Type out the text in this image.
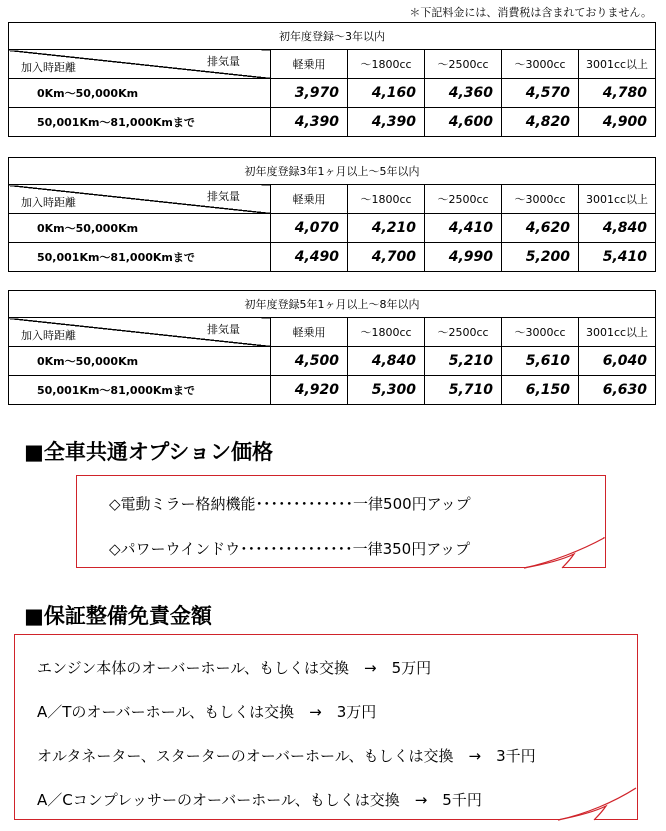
＊下記料金には、消費税は含まれておりません。
初年度登録～3年以内					

排気量
加入時距離	軽乗用	～1800cc	～2500cc	～3000cc	3001cc以上
0Km～50,000Km	3,970	4,160	4,360	4,570	4,780
50,001Km～81,000Kmまで	4,390	4,390	4,600	4,820	4,900
初年度登録3年1ヶ月以上～5年以内					

排気量
加入時距離	軽乗用	～1800cc	～2500cc	～3000cc	3001cc以上
0Km～50,000Km	4,070	4,210	4,410	4,620	4,840
50,001Km～81,000Kmまで	4,490	4,700	4,990	5,200	5,410
初年度登録5年1ヶ月以上～8年以内					

排気量
加入時距離	軽乗用	～1800cc	～2500cc	～3000cc	3001cc以上
0Km～50,000Km	4,500	4,840	5,210	5,610	6,040
50,001Km～81,000Kmまで	4,920	5,300	5,710	6,150	6,630
■全車共通オプション価格
◇電動ミラー格納機能･････････････一律500円アップ
◇パワーウインドウ･･･････････････一律350円アップ
■保証整備免責金額
エンジン本体のオーバーホール、もしくは交換　→　5万円
A／Tのオーバーホール、もしくは交換　→　3万円
オルタネーター、スターターのオーバーホール、もしくは交換　→　3千円
A／Cコンプレッサーのオーバーホール、もしくは交換　→　5千円
